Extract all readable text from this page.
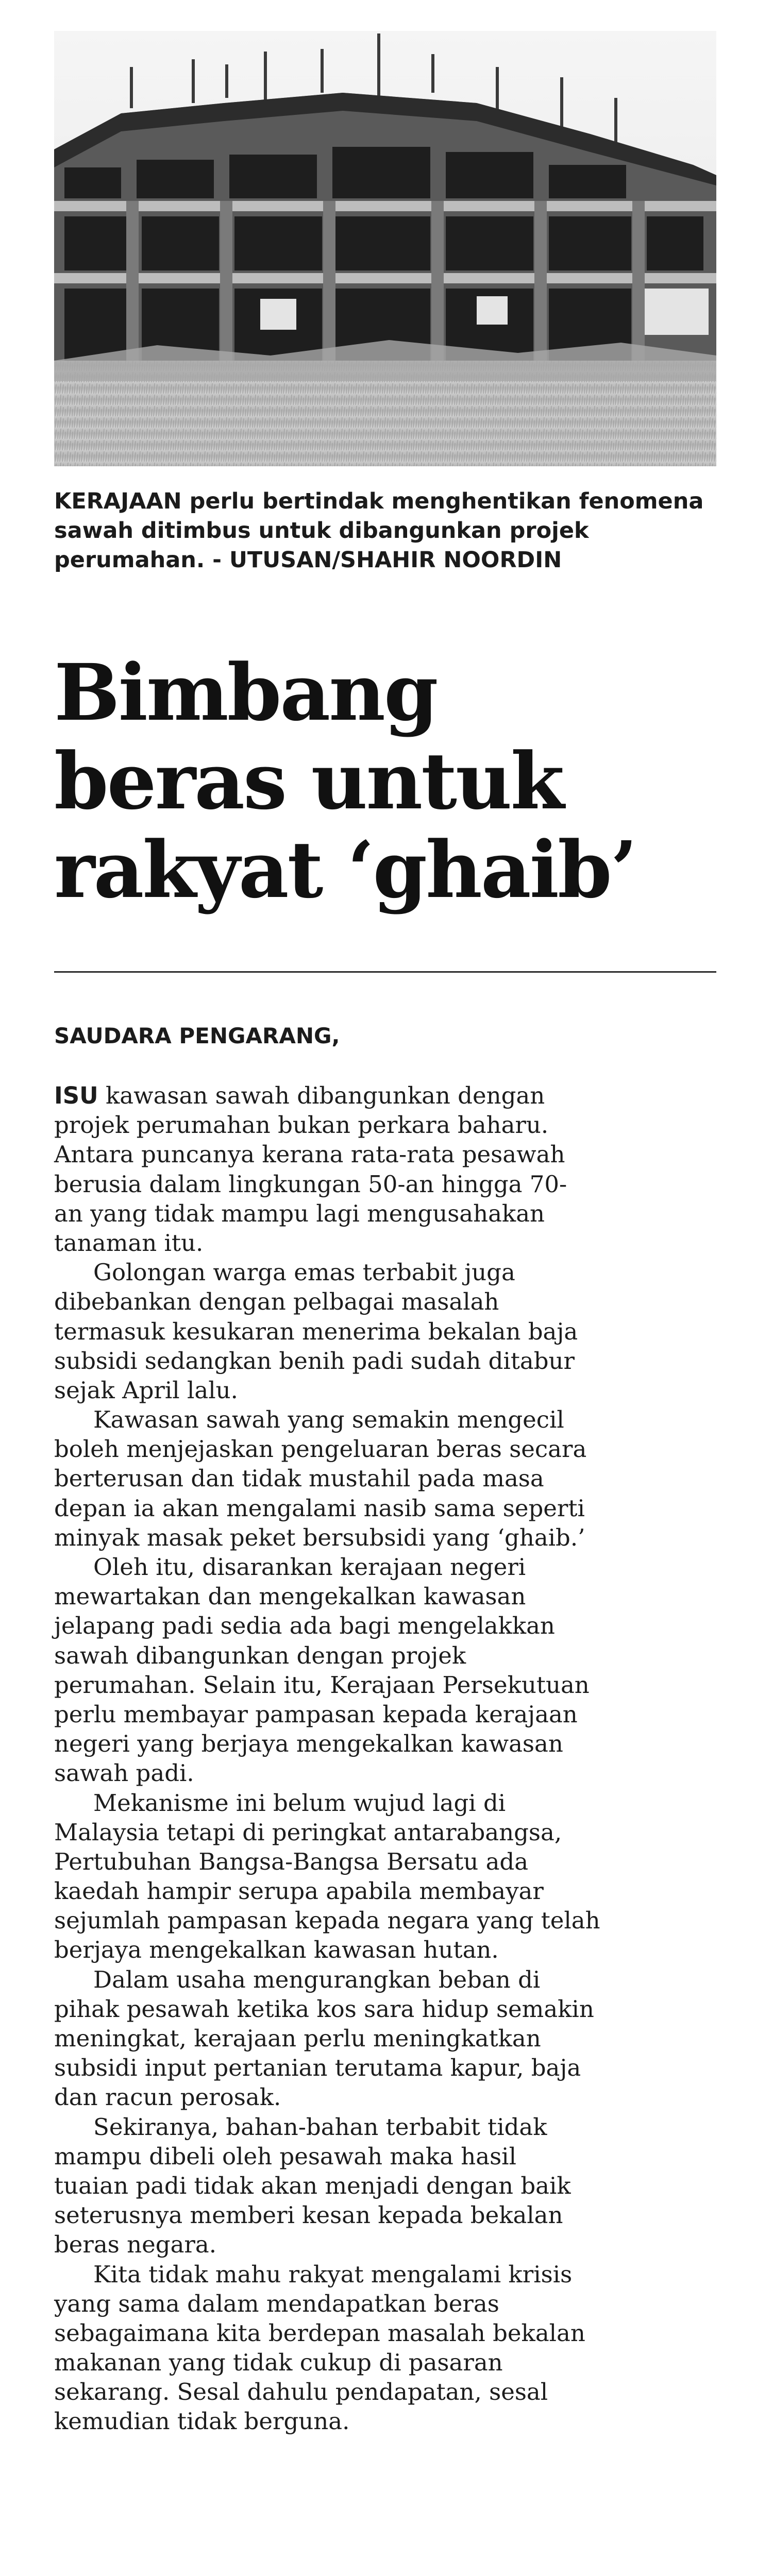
KERAJAAN perlu bertindak menghentikan fenomena sawah ditimbus untuk dibangunkan projek perumahan. - UTUSAN/SHAHIR NOORDIN

Bimbang
beras untuk
rakyat ‘ghaib’

SAUDARA PENGARANG,

ISU kawasan sawah dibangunkan dengan
projek perumahan bukan perkara baharu.
Antara puncanya kerana rata-rata pesawah
berusia dalam lingkungan 50-an hingga 70-
an yang tidak mampu lagi mengusahakan
tanaman itu.
Golongan warga emas terbabit juga
dibebankan dengan pelbagai masalah
termasuk kesukaran menerima bekalan baja
subsidi sedangkan benih padi sudah ditabur
sejak April lalu.
Kawasan sawah yang semakin mengecil
boleh menjejaskan pengeluaran beras secara
berterusan dan tidak mustahil pada masa
depan ia akan mengalami nasib sama seperti
minyak masak peket bersubsidi yang ‘ghaib.’
Oleh itu, disarankan kerajaan negeri
mewartakan dan mengekalkan kawasan
jelapang padi sedia ada bagi mengelakkan
sawah dibangunkan dengan projek
perumahan. Selain itu, Kerajaan Persekutuan
perlu membayar pampasan kepada kerajaan
negeri yang berjaya mengekalkan kawasan
sawah padi.
Mekanisme ini belum wujud lagi di
Malaysia tetapi di peringkat antarabangsa,
Pertubuhan Bangsa-Bangsa Bersatu ada
kaedah hampir serupa apabila membayar
sejumlah pampasan kepada negara yang telah
berjaya mengekalkan kawasan hutan.
Dalam usaha mengurangkan beban di
pihak pesawah ketika kos sara hidup semakin
meningkat, kerajaan perlu meningkatkan
subsidi input pertanian terutama kapur, baja
dan racun perosak.
Sekiranya, bahan-bahan terbabit tidak
mampu dibeli oleh pesawah maka hasil
tuaian padi tidak akan menjadi dengan baik
seterusnya memberi kesan kepada bekalan
beras negara.
Kita tidak mahu rakyat mengalami krisis
yang sama dalam mendapatkan beras
sebagaimana kita berdepan masalah bekalan
makanan yang tidak cukup di pasaran
sekarang. Sesal dahulu pendapatan, sesal
kemudian tidak berguna.
